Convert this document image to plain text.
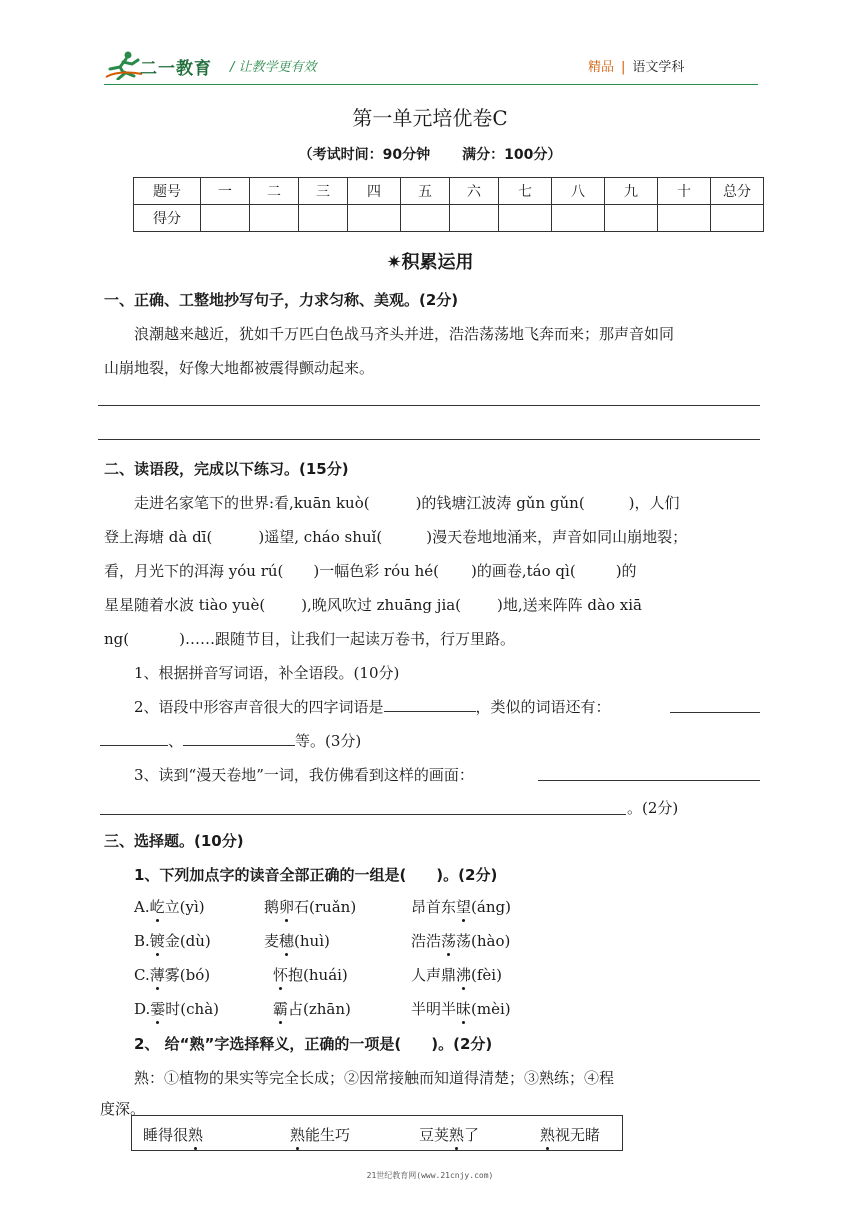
二一教育 / 让教学更有效	精品 | 语文学科
第一单元培优卷C
（考试时间：90分钟 满分：100分）
题号	一	二	三	四	五	六	七	八	九	十	总分
得分											
✷积累运用
一、正确、工整地抄写句子，力求匀称、美观。(2分)
浪潮越来越近，犹如千万匹白色战马齐头并进，浩浩荡荡地飞奔而来；那声音如同
山崩地裂，好像大地都被震得颤动起来。
二、读语段，完成以下练习。(15分)
走进名家笔下的世界:看,kuān kuò(	)的钱塘江波涛 gǔn gǔn(	)，人们
登上海塘 dà dī(	)遥望, cháo shuǐ(	)漫天卷地地涌来，声音如同山崩地裂；
看，月光下的洱海 yóu rú( )一幅色彩 róu hé( )的画卷,táo qì(	)的
星星随着水波 tiào yuè( ),晚风吹过 zhuāng jia( )地,送来阵阵 dào xiā
ng(	)……跟随节目，让我们一起读万卷书，行万里路。
1、根据拼音写词语，补全语段。(10分)
2、语段中形容声音很大的四字词语是	，类似的词语还有：
、	等。(3分)
3、读到“漫天卷地”一词，我仿佛看到这样的画面：
。(2分)
三、选择题。(10分)
1、下列加点字的读音全部正确的一组是(　　)。(2分)
A.屹立(yì)	鹅卵石(ruǎn)	昂首东望(áng)
B.镀金(dù)	麦穗(huì)	浩浩荡荡(hào)
C.薄雾(bó)	怀抱(huái)	人声鼎沸(fèi)
D.霎时(chà)	霸占(zhān)	半明半昧(mèi)
2、 给“熟”字选择释义，正确的一项是(　　)。(2分)
熟：①植物的果实等完全长成；②因常接触而知道得清楚；③熟练；④程
度深。
睡得很熟	熟能生巧	豆荚熟了	熟视无睹
21世纪教育网(www.21cnjy.com)
